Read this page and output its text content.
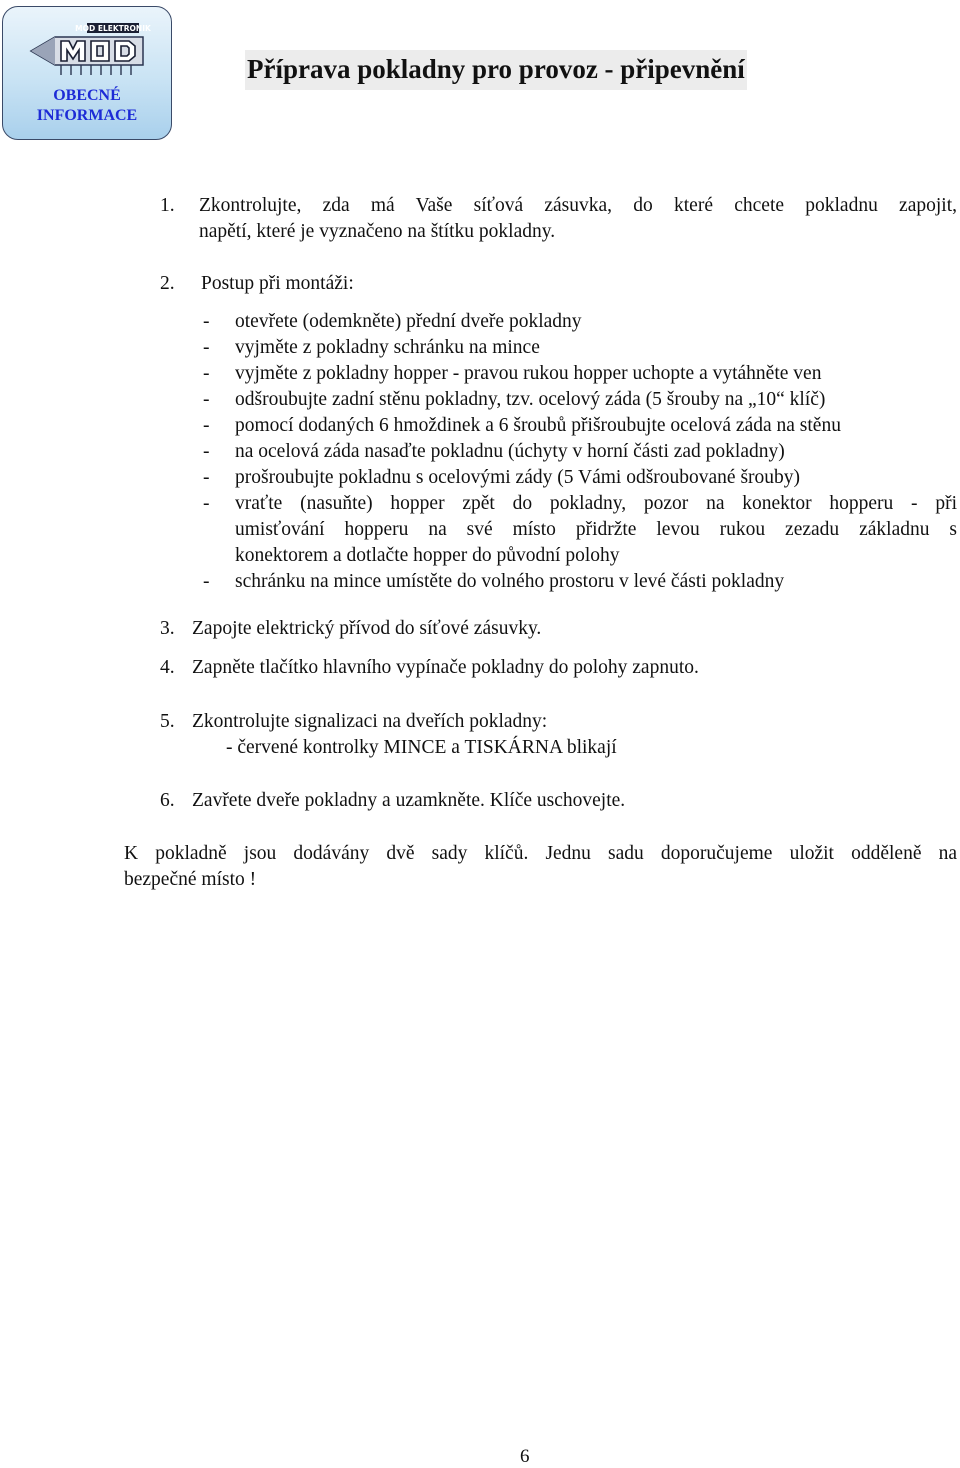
MOD ELEKTRONIK
OBECNÉ
INFORMACE
Příprava pokladny pro provoz - připevnění
1. Zkontrolujte, zda má Vaše síťová zásuvka, do které chcete pokladnu zapojit,
napětí, které je vyznačeno na štítku pokladny.
2. Postup při montáži:
- otevřete (odemkněte) přední dveře pokladny
- vyjměte z pokladny schránku na mince
- vyjměte z pokladny hopper - pravou rukou hopper uchopte a vytáhněte ven
- odšroubujte zadní stěnu pokladny, tzv. ocelový záda (5 šrouby na „10“ klíč)
- pomocí dodaných 6 hmoždinek a 6 šroubů přišroubujte ocelová záda na stěnu
- na ocelová záda nasaďte pokladnu (úchyty v horní části zad pokladny)
- prošroubujte pokladnu s ocelovými zády (5 Vámi odšroubované šrouby)
- vraťte (nasuňte) hopper zpět do pokladny, pozor na konektor hopperu - při
umisťování hopperu na své místo přidržte levou rukou zezadu základnu s
konektorem a dotlačte hopper do původní polohy
- schránku na mince umístěte do volného prostoru v levé části pokladny
3. Zapojte elektrický přívod do síťové zásuvky.
4. Zapněte tlačítko hlavního vypínače pokladny do polohy zapnuto.
5. Zkontrolujte signalizaci na dveřích pokladny:
- červené kontrolky MINCE a TISKÁRNA blikají
6. Zavřete dveře pokladny a uzamkněte. Klíče uschovejte.
K pokladně jsou dodávány dvě sady klíčů. Jednu sadu doporučujeme uložit odděleně na
bezpečné místo !
6
